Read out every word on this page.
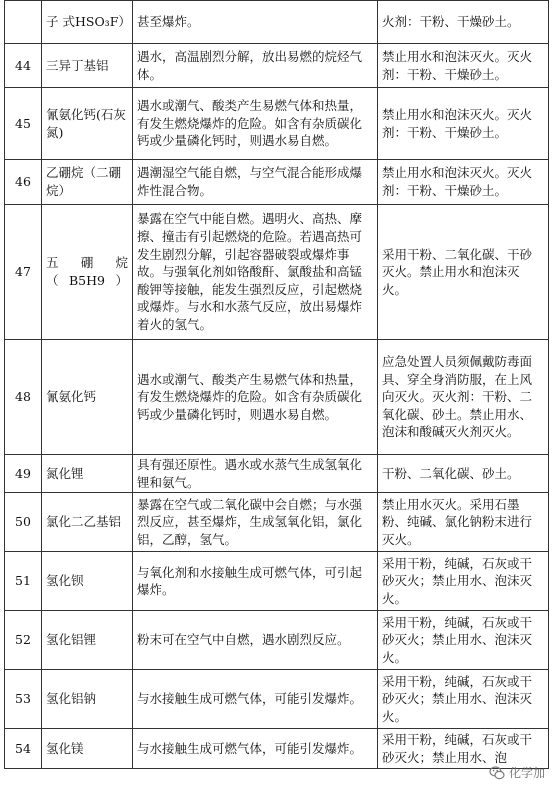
	子 式HSO₃F）	甚至爆炸。	火剂：干粉、干燥砂土。
44	三异丁基铝	遇水，高温剧烈分解，放出易燃的烷烃气体。	禁止用水和泡沫灭火。灭火剂：干粉、干燥砂土。
45	氰氨化钙(石灰氮)	遇水或潮气、酸类产生易燃气体和热量，有发生燃烧爆炸的危险。如含有杂质碳化钙或少量磷化钙时，则遇水易自燃。	禁止用水和泡沫灭火。灭火剂：干粉、干燥砂土。
46	乙硼烷（二硼烷）	遇潮湿空气能自燃，与空气混合能形成爆炸性混合物。	禁止用水和泡沫灭火。灭火剂：干粉、干燥砂土。
47	五 硼 烷（B5H9）	暴露在空气中能自燃。遇明火、高热、摩擦、撞击有引起燃烧的危险。若遇高热可发生剧烈分解，引起容器破裂或爆炸事故。与强氧化剂如铬酸酐、氯酸盐和高锰酸钾等接触，能发生强烈反应，引起燃烧或爆炸。与水和水蒸气反应，放出易爆炸着火的氢气。	采用干粉、二氧化碳、干砂灭火。禁止用水和泡沫灭火。
48	氰氨化钙	遇水或潮气、酸类产生易燃气体和热量，有发生燃烧爆炸的危险。如含有杂质碳化钙或少量磷化钙时，则遇水易自燃。	应急处置人员须佩戴防毒面具、穿全身消防服，在上风向灭火。灭火剂：干粉、二氧化碳、砂土。禁止用水、泡沫和酸碱灭火剂灭火。
49	氮化锂	具有强还原性。遇水或水蒸气生成氢氧化锂和氨气。	干粉、二氧化碳、砂土。
50	氯化二乙基铝	暴露在空气或二氧化碳中会自燃；与水强烈反应，甚至爆炸，生成氢氧化铝，氯化铝，乙醇，氢气。	禁止用水灭火。采用石墨粉、纯碱、氯化钠粉末进行灭火。
51	氢化钡	与氧化剂和水接触生成可燃气体，可引起爆炸。	采用干粉，纯碱，石灰或干砂灭火；禁止用水、泡沫灭火。
52	氢化铝锂	粉末可在空气中自燃，遇水剧烈反应。	采用干粉，纯碱，石灰或干砂灭火；禁止用水、泡沫灭火。
53	氢化铝钠	与水接触生成可燃气体，可能引发爆炸。	采用干粉，纯碱，石灰或干砂灭火；禁止用水、泡沫灭火。
54	氢化镁	与水接触生成可燃气体，可能引发爆炸。	采用干粉，纯碱，石灰或干砂灭火；禁止用水、泡
化学加
